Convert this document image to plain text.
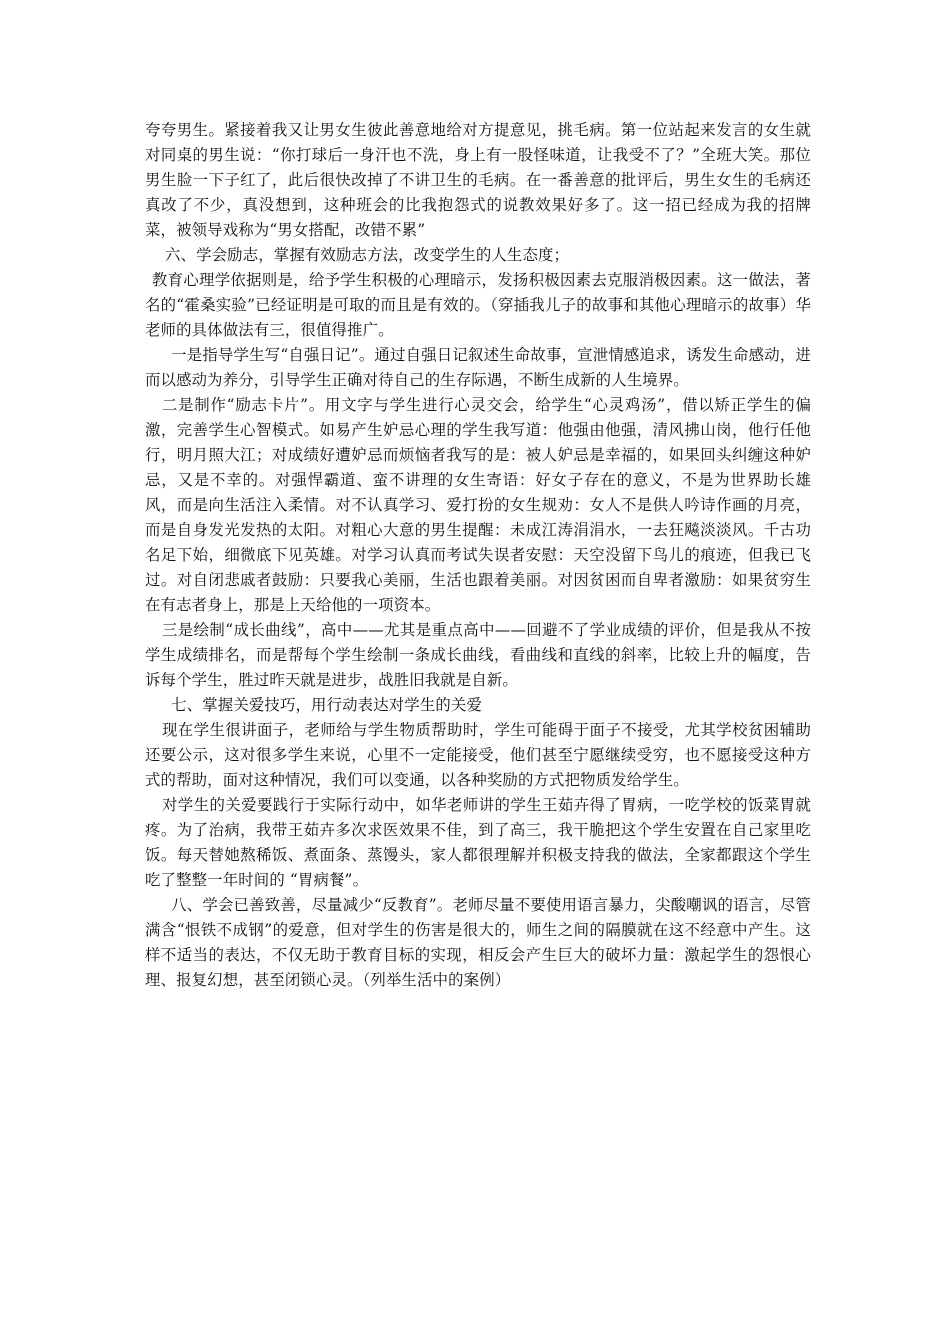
夸夸男生。紧接着我又让男女生彼此善意地给对方提意见，挑毛病。第一位站起来发言的女生就对同桌的男生说：“你打球后一身汗也不洗，身上有一股怪味道，让我受不了？”全班大笑。那位男生脸一下子红了，此后很快改掉了不讲卫生的毛病。在一番善意的批评后，男生女生的毛病还真改了不少，真没想到，这种班会的比我抱怨式的说教效果好多了。这一招已经成为我的招牌菜，被领导戏称为“男女搭配，改错不累”

六、学会励志，掌握有效励志方法，改变学生的人生态度；

教育心理学依据则是，给予学生积极的心理暗示，发扬积极因素去克服消极因素。这一做法，著名的“霍桑实验”已经证明是可取的而且是有效的。（穿插我儿子的故事和其他心理暗示的故事）华老师的具体做法有三，很值得推广。

一是指导学生写“自强日记”。通过自强日记叙述生命故事，宣泄情感追求，诱发生命感动，进而以感动为养分，引导学生正确对待自己的生存际遇，不断生成新的人生境界。

二是制作“励志卡片”。用文字与学生进行心灵交会，给学生“心灵鸡汤”，借以矫正学生的偏激，完善学生心智模式。如易产生妒忌心理的学生我写道：他强由他强，清风拂山岗，他行任他行，明月照大江；对成绩好遭妒忌而烦恼者我写的是：被人妒忌是幸福的，如果回头纠缠这种妒忌，又是不幸的。对强悍霸道、蛮不讲理的女生寄语：好女子存在的意义，不是为世界助长雄风，而是向生活注入柔情。对不认真学习、爱打扮的女生规劝：女人不是供人吟诗作画的月亮，而是自身发光发热的太阳。对粗心大意的男生提醒：未成江涛涓涓水，一去狂飚淡淡风。千古功名足下始，细微底下见英雄。对学习认真而考试失误者安慰：天空没留下鸟儿的痕迹，但我已飞过。对自闭悲戚者鼓励：只要我心美丽，生活也跟着美丽。对因贫困而自卑者激励：如果贫穷生在有志者身上，那是上天给他的一项资本。

三是绘制“成长曲线”，高中——尤其是重点高中——回避不了学业成绩的评价，但是我从不按学生成绩排名，而是帮每个学生绘制一条成长曲线，看曲线和直线的斜率，比较上升的幅度，告诉每个学生，胜过昨天就是进步，战胜旧我就是自新。

七、掌握关爱技巧，用行动表达对学生的关爱

现在学生很讲面子，老师给与学生物质帮助时，学生可能碍于面子不接受，尤其学校贫困辅助还要公示，这对很多学生来说，心里不一定能接受，他们甚至宁愿继续受穷，也不愿接受这种方式的帮助，面对这种情况，我们可以变通，以各种奖励的方式把物质发给学生。

对学生的关爱要践行于实际行动中，如华老师讲的学生王茹卉得了胃病，一吃学校的饭菜胃就疼。为了治病，我带王茹卉多次求医效果不佳，到了高三，我干脆把这个学生安置在自己家里吃饭。每天替她熬稀饭、煮面条、蒸馒头，家人都很理解并积极支持我的做法，全家都跟这个学生吃了整整一年时间的 “胃病餐”。

八、学会已善致善，尽量减少“反教育”。老师尽量不要使用语言暴力，尖酸嘲讽的语言，尽管满含“恨铁不成钢”的爱意，但对学生的伤害是很大的，师生之间的隔膜就在这不经意中产生。这样不适当的表达，不仅无助于教育目标的实现，相反会产生巨大的破坏力量：激起学生的怨恨心理、报复幻想，甚至闭锁心灵。（列举生活中的案例）
